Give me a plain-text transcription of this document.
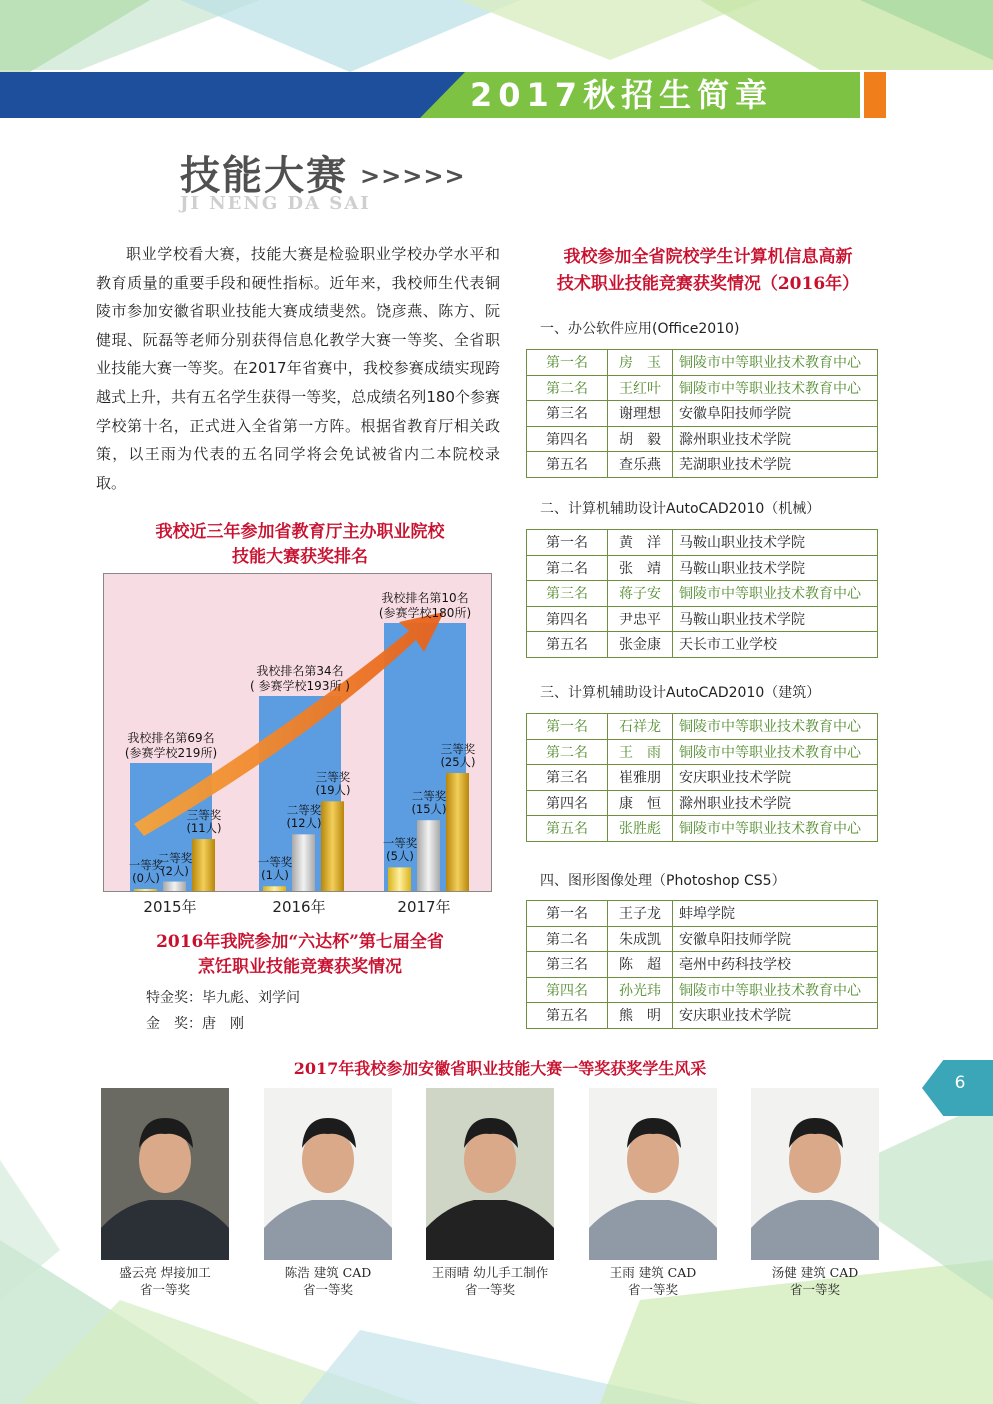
2017秋招生简章
技能大赛 >>>>>
JI NENG DA SAI
职业学校看大赛，技能大赛是检验职业学校办学水平和教育质量的重要手段和硬性指标。近年来，我校师生代表铜陵市参加安徽省职业技能大赛成绩斐然。饶彦燕、陈方、阮健琨、阮磊等老师分别获得信息化教学大赛一等奖、全省职业技能大赛一等奖。在2017年省赛中，我校参赛成绩实现跨越式上升，共有五名学生获得一等奖，总成绩名列180个参赛学校第十名，正式进入全省第一方阵。根据省教育厅相关政策，以王雨为代表的五名同学将会免试被省内二本院校录取。
我校近三年参加省教育厅主办职业院校
技能大赛获奖排名
我校排名第69名
(参赛学校219所)
一等奖
(0人)
二等奖
(2人)
三等奖
(11人)
我校排名第34名
( 参赛学校193所 )
一等奖
(1人)
二等奖
(12人)
三等奖
(19人)
我校排名第10名
(参赛学校180所)
一等奖
(5人)
二等奖
(15人)
三等奖
(25人)
2015年	2016年	2017年
2016年我院参加“六达杯”第七届全省
烹饪职业技能竞赛获奖情况
特金奖：毕九彪、刘学问
金　奖：唐　刚
我校参加全省院校学生计算机信息高新
技术职业技能竞赛获奖情况（2016年）
一、办公软件应用(Office2010)
第一名	房　玉	铜陵市中等职业技术教育中心
第二名	王红叶	铜陵市中等职业技术教育中心
第三名	谢理想	安徽阜阳技师学院
第四名	胡　毅	滁州职业技术学院
第五名	查乐燕	芜湖职业技术学院
二、计算机辅助设计AutoCAD2010（机械）
第一名	黄　洋	马鞍山职业技术学院
第二名	张　靖	马鞍山职业技术学院
第三名	蒋子安	铜陵市中等职业技术教育中心
第四名	尹忠平	马鞍山职业技术学院
第五名	张金康	天长市工业学校
三、计算机辅助设计AutoCAD2010（建筑）
第一名	石祥龙	铜陵市中等职业技术教育中心
第二名	王　雨	铜陵市中等职业技术教育中心
第三名	崔雅朋	安庆职业技术学院
第四名	康　恒	滁州职业技术学院
第五名	张胜彪	铜陵市中等职业技术教育中心
四、图形图像处理（Photoshop CS5）
第一名	王子龙	蚌埠学院
第二名	朱成凯	安徽阜阳技师学院
第三名	陈　超	亳州中药科技学校
第四名	孙光玮	铜陵市中等职业技术教育中心
第五名	熊　明	安庆职业技术学院
2017年我校参加安徽省职业技能大赛一等奖获奖学生风采
盛云亮 焊接加工
省一等奖
陈浩 建筑 CAD
省一等奖
王雨晴 幼儿手工制作
省一等奖
王雨 建筑 CAD
省一等奖
汤健 建筑 CAD
省一等奖
6
